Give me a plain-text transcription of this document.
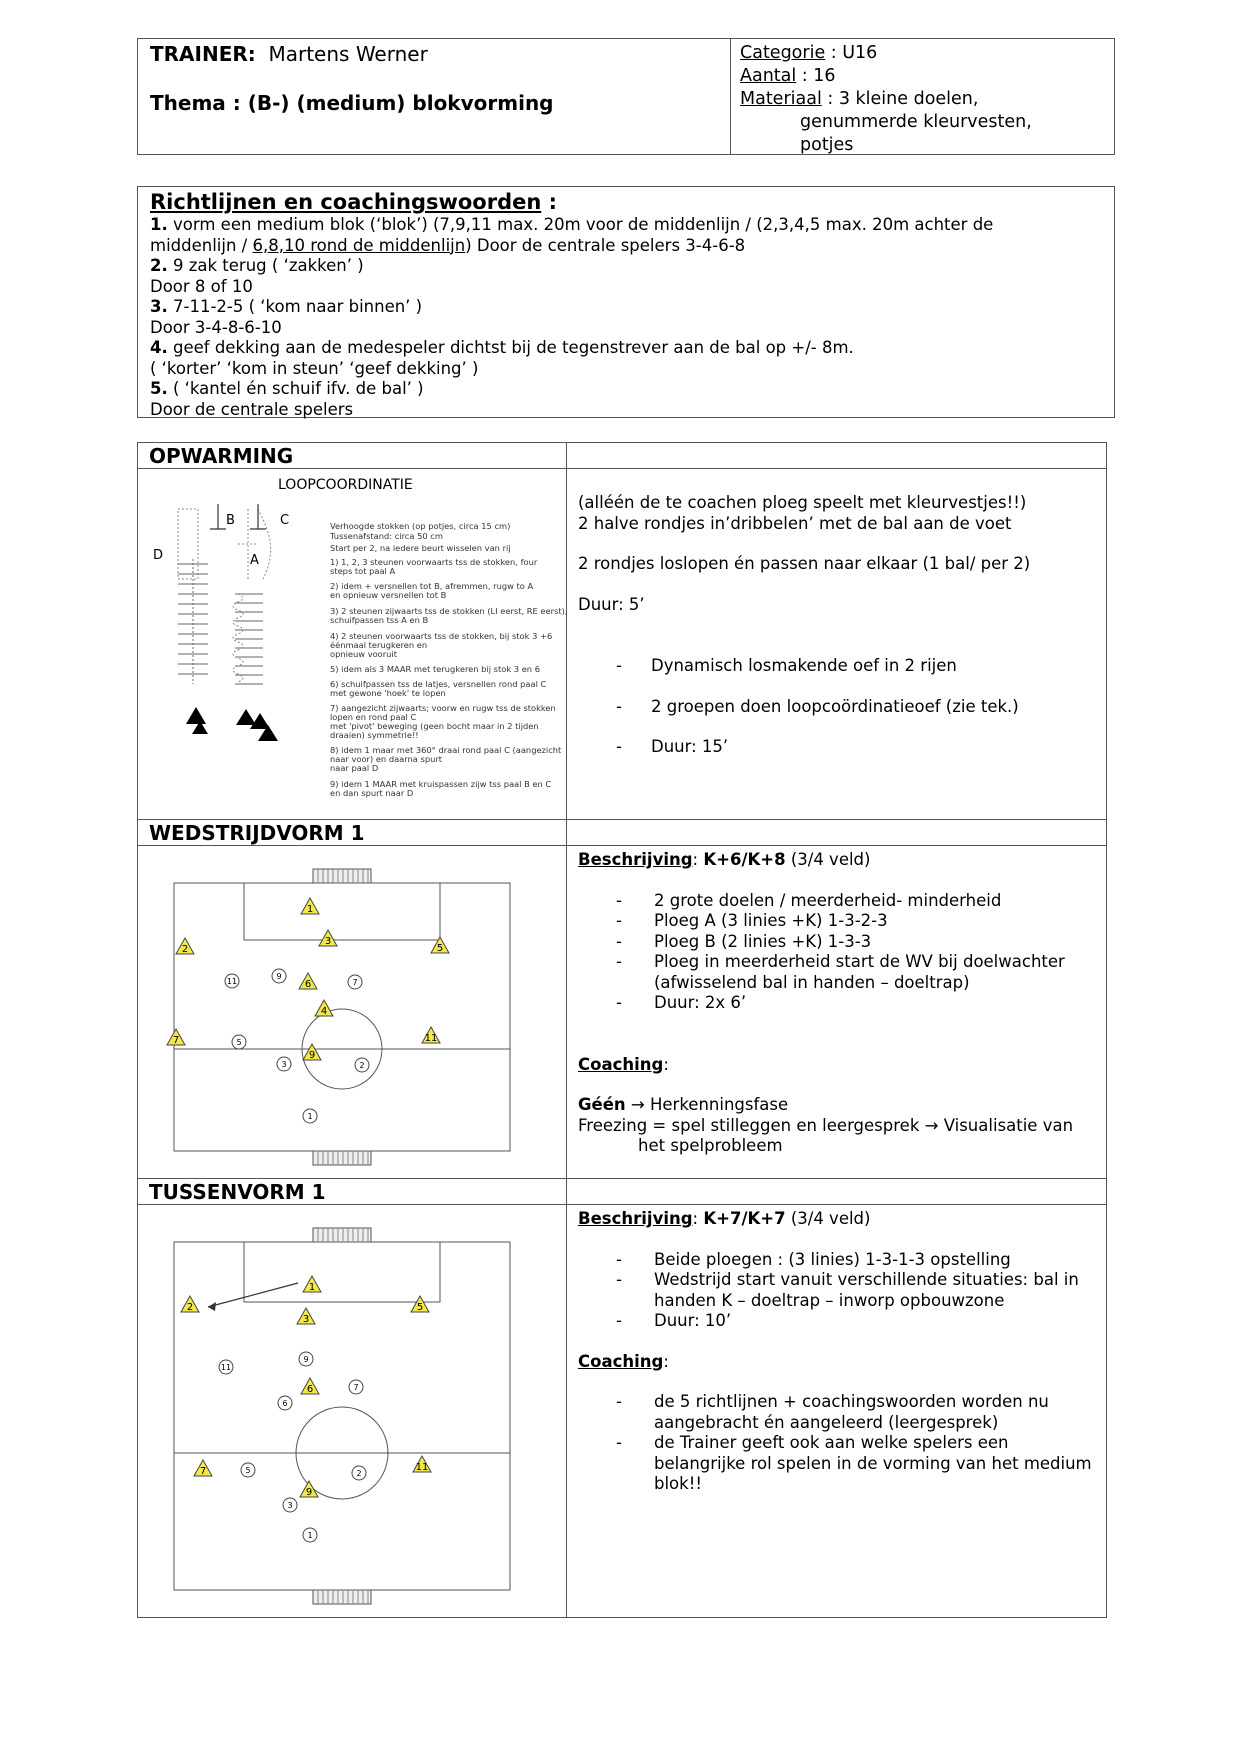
TRAINER: Martens Werner
Thema : (B-) (medium) blokvorming

Categorie : U16

Aantal : 16

Materiaal : 3 kleine doelen,

genummerde kleurvesten,

potjes

Richtlijnen en coachingswoorden :

1. vorm een medium blok (‘blok’) (7,9,11 max. 20m voor de middenlijn / (2,3,4,5 max. 20m achter de

middenlijn / 6,8,10 rond de middenlijn) Door de centrale spelers 3-4-6-8

2. 9 zak terug ( ‘zakken’ )

Door 8 of 10

3. 7-11-2-5 ( ‘kom naar binnen’ )

Door 3-4-8-6-10

4. geef dekking aan de medespeler dichtst bij de tegenstrever aan de bal op +/- 8m.

( ‘korter’ ‘kom in steun’ ‘geef dekking’ )

5. ( ‘kantel én schuif ifv. de bal’ )

Door de centrale spelers

OPWARMING
LOOPCOORDINATIE
B	C
D	A
Verhoogde stokken (op potjes, circa 15 cm)
Tussenafstand: circa 50 cm
Start per 2, na iedere beurt wisselen van rij
1) 1, 2, 3 steunen voorwaarts tss de stokken, four
steps tot paal A
2) idem + versnellen tot B, afremmen, rugw to A
en opnieuw versnellen tot B
3) 2 steunen zijwaarts tss de stokken (LI eerst, RE eerst),
schuifpassen tss A en B
4) 2 steunen voorwaarts tss de stokken, bij stok 3 +6
éénmaal terugkeren en
opnieuw vooruit
5) idem als 3 MAAR met terugkeren bij stok 3 en 6
6) schuifpassen tss de latjes, versnellen rond paal C
met gewone 'hoek' te lopen
7) aangezicht zijwaarts; voorw en rugw tss de stokken
lopen en rond paal C
met 'pivot' beweging (geen bocht maar in 2 tijden
draaien) symmetrie!!
8) idem 1 maar met 360° draai rond paal C (aangezicht
naar voor) en daarna spurt
naar paal D
9) idem 1 MAAR met kruispassen zijw tss paal B en C
en dan spurt naar D

(alléén de te coachen ploeg speelt met kleurvestjes!!)

2 halve rondjes in’dribbelen’ met de bal aan de voet

2 rondjes loslopen én passen naar elkaar (1 bal/ per 2)

Duur: 5’

- Dynamisch losmakende oef in 2 rijen

- 2 groepen doen loopcoördinatieoef (zie tek.)

- Duur: 15’

WEDSTRIJDVORM 1
1
3
2	5
6
4
7
9
11
9
11	7
5
3	2
1

Beschrijving: K+6/K+8 (3/4 veld)

- 2 grote doelen / meerderheid- minderheid

- Ploeg A (3 linies +K) 1-3-2-3

- Ploeg B (2 linies +K) 1-3-3

- Ploeg in meerderheid start de WV bij doelwachter (afwisselend bal in handen – doeltrap)

- Duur: 2x 6’

Coaching:

Géén → Herkenningsfase

Freezing = spel stilleggen en leergesprek → Visualisatie van

het spelprobleem

TUSSENVORM 1
1
2
3
5
6
7
9
11
9
11
7
6
5	2
3
1

Beschrijving: K+7/K+7 (3/4 veld)

- Beide ploegen : (3 linies) 1-3-1-3 opstelling

- Wedstrijd start vanuit verschillende situaties: bal in handen K – doeltrap – inworp opbouwzone

- Duur: 10’

Coaching:

- de 5 richtlijnen + coachingswoorden worden nu aangebracht én aangeleerd (leergesprek)

- de Trainer geeft ook aan welke spelers een belangrijke rol spelen in de vorming van het medium blok!!
